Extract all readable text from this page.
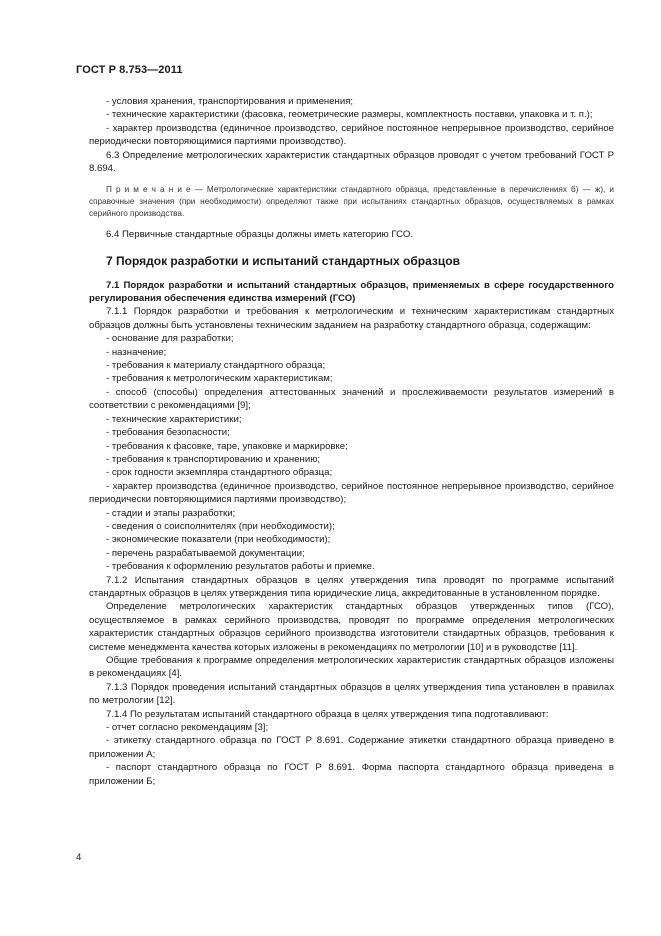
ГОСТ Р 8.753—2011

- условия хранения, транспортирования и применения;

- технические характеристики (фасовка, геометрические размеры, комплектность поставки, упаковка и т. п.);

- характер производства (единичное производство, серийное постоянное непрерывное производство, серийное периодически повторяющимися партиями производство).

6.3 Определение метрологических характеристик стандартных образцов проводят с учетом требований ГОСТ Р 8.694.

П р и м е ч а н и е — Метрологические характеристики стандартного образца, представленные в перечислениях б) — ж), и справочные значения (при необходимости) определяют также при испытаниях стандартных образцов, осуществляемых в рамках серийного производства.

6.4 Первичные стандартные образцы должны иметь категорию ГСО.

7 Порядок разработки и испытаний стандартных образцов

7.1 Порядок разработки и испытаний стандартных образцов, применяемых в сфере государственного регулирования обеспечения единства измерений (ГСО)

7.1.1 Порядок разработки и требования к метрологическим и техническим характеристикам стандартных образцов должны быть установлены техническим заданием на разработку стандартного образца, содержащим:

- основание для разработки;

- назначение;

- требования к материалу стандартного образца;

- требования к метрологическим характеристикам;

- способ (способы) определения аттестованных значений и прослеживаемости результатов измерений в соответствии с рекомендациями [9];

- технические характеристики;

- требования безопасности;

- требования к фасовке, таре, упаковке и маркировке;

- требования к транспортированию и хранению;

- срок годности экземпляра стандартного образца;

- характер производства (единичное производство, серийное постоянное непрерывное производство, серийное периодически повторяющимися партиями производство);

- стадии и этапы разработки;

- сведения о соисполнителях (при необходимости);

- экономические показатели (при необходимости);

- перечень разрабатываемой документации;

- требования к оформлению результатов работы и приемке.

7.1.2 Испытания стандартных образцов в целях утверждения типа проводят по программе испытаний стандартных образцов в целях утверждения типа юридические лица, аккредитованные в установленном порядке.

Определение метрологических характеристик стандартных образцов утвержденных типов (ГСО), осуществляемое в рамках серийного производства, проводят по программе определения метрологических характеристик стандартных образцов серийного производства изготовители стандартных образцов, требования к системе менеджмента качества которых изложены в рекомендациях по метрологии [10] и в руководстве [11].

Общие требования к программе определения метрологических характеристик стандартных образцов изложены в рекомендациях [4].

7.1.3 Порядок проведения испытаний стандартных образцов в целях утверждения типа установлен в правилах по метрологии [12].

7.1.4 По результатам испытаний стандартного образца в целях утверждения типа подготавливают:

- отчет согласно рекомендациям [3];

- этикетку стандартного образца по ГОСТ Р 8.691. Содержание этикетки стандартного образца приведено в приложении А;

- паспорт стандартного образца по ГОСТ Р 8.691. Форма паспорта стандартного образца приведена в приложении Б;

4
